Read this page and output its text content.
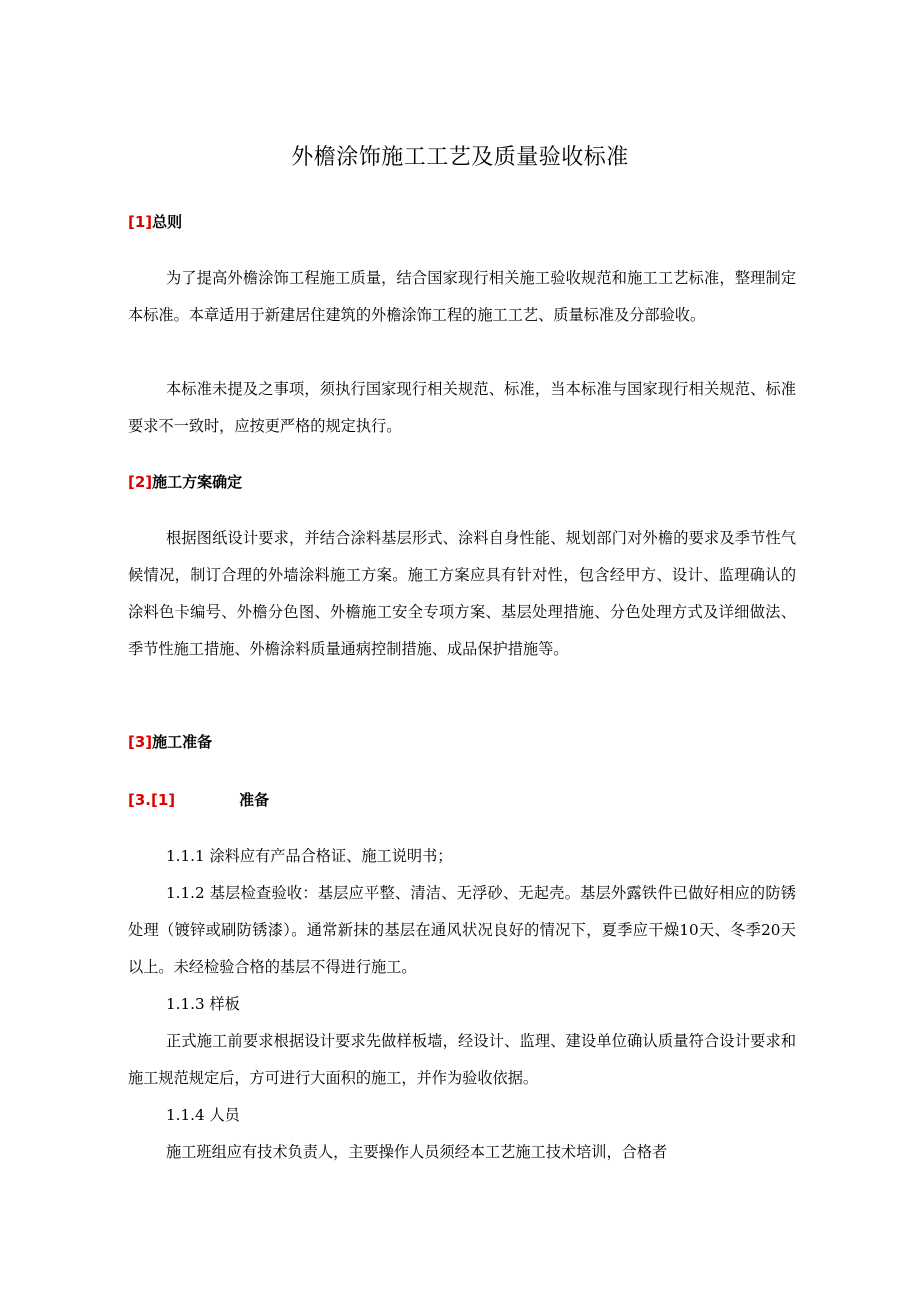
外檐涂饰施工工艺及质量验收标准
[1]总则
为了提高外檐涂饰工程施工质量，结合国家现行相关施工验收规范和施工工艺标准，整理制定本标准。本章适用于新建居住建筑的外檐涂饰工程的施工工艺、质量标准及分部验收。
本标准未提及之事项，须执行国家现行相关规范、标准，当本标准与国家现行相关规范、标准要求不一致时，应按更严格的规定执行。
[2]施工方案确定
根据图纸设计要求，并结合涂料基层形式、涂料自身性能、规划部门对外檐的要求及季节性气候情况，制订合理的外墙涂料施工方案。施工方案应具有针对性，包含经甲方、设计、监理确认的涂料色卡编号、外檐分色图、外檐施工安全专项方案、基层处理措施、分色处理方式及详细做法、季节性施工措施、外檐涂料质量通病控制措施、成品保护措施等。
[3]施工准备
[3.[1]	准备
1.1.1 涂料应有产品合格证、施工说明书；
1.1.2 基层检查验收：基层应平整、清洁、无浮砂、无起壳。基层外露铁件已做好相应的防锈处理（镀锌或刷防锈漆）。通常新抹的基层在通风状况良好的情况下，夏季应干燥10天、冬季20天以上。未经检验合格的基层不得进行施工。
1.1.3 样板
正式施工前要求根据设计要求先做样板墙，经设计、监理、建设单位确认质量符合设计要求和施工规范规定后，方可进行大面积的施工，并作为验收依据。
1.1.4 人员
施工班组应有技术负责人，主要操作人员须经本工艺施工技术培训，合格者
